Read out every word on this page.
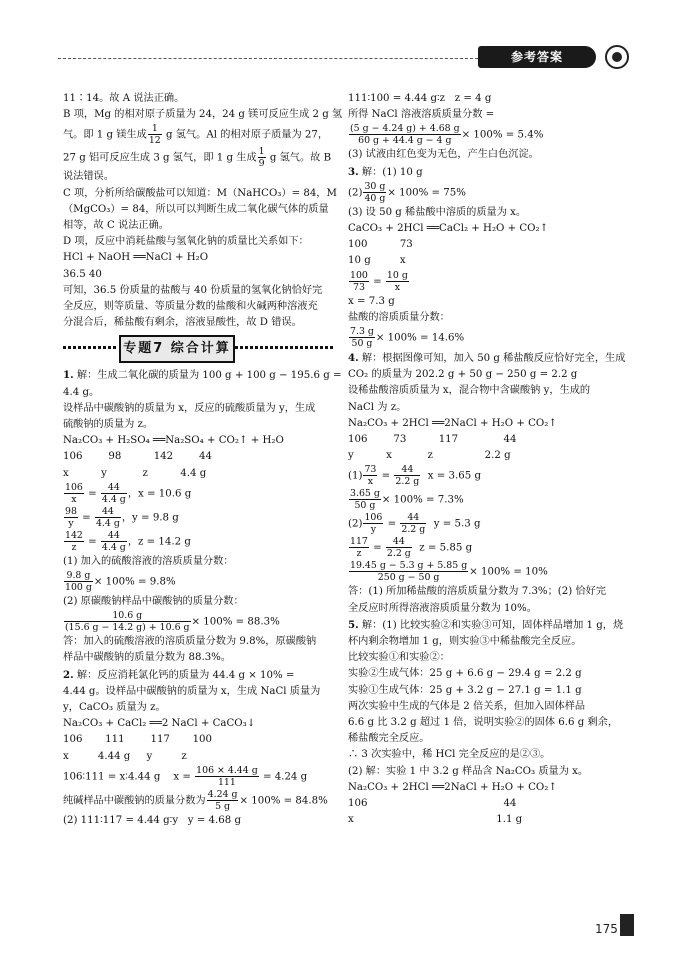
参考答案
11∶14。故 A 说法正确。
B 项，Mg 的相对原子质量为 24，24 g 镁可反应生成 2 g 氢
气。即 1 g 镁生成 $\frac{1}{12}$ g 氢气。Al 的相对原子质量为 27，
27 g 铝可反应生成 3 g 氢气，即 1 g 生成 $\frac{1}{9}$ g 氢气。故 B
说法错误。
C 项，分析所给碳酸盐可以知道：M（NaHCO₃）= 84，M
（MgCO₃）= 84，所以可以判断生成二氧化碳气体的质量
相等，故 C 说法正确。
D 项，反应中消耗盐酸与氢氧化钠的质量比关系如下：
HCl + NaOH ══NaCl + H₂O
36.5 40
可知，36.5 份质量的盐酸与 40 份质量的氢氧化钠恰好完
全反应，则等质量、等质量分数的盐酸和火碱两种溶液充
分混合后，稀盐酸有剩余，溶液显酸性，故 D 错误。
专题7 综合计算
1. 解：生成二氧化碳的质量为 100 g + 100 g − 195.6 g =
4.4 g。
设样品中碳酸钠的质量为 x，反应的硫酸质量为 y，生成
硫酸钠的质量为 z。
Na₂CO₃ + H₂SO₄ ══Na₂SO₄ + CO₂↑ + H₂O
106        98          142        44
x          y           z          4.4 g
$\frac{106}{x} = \frac{44}{4.4 g}$ ，x = 10.6 g
$\frac{98}{y} = \frac{44}{4.4 g}$ ，y = 9.8 g
$\frac{142}{z} = \frac{44}{4.4 g}$ ，z = 14.2 g
(1) 加入的硫酸溶液的溶质质量分数：
$\frac{9.8 g}{100 g} \times 100\% = 9.8\%$
(2) 原碳酸钠样品中碳酸钠的质量分数：
$\frac{10.6 g}{(15.6 g - 14.2 g) + 10.6 g} \times 100\% = 88.3\%$
答：加入的硫酸溶液的溶质质量分数为 9.8%，原碳酸钠
样品中碳酸钠的质量分数为 88.3%。
2. 解：反应消耗氯化钙的质量为 44.4 g × 10% =
4.44 g。设样品中碳酸钠的质量为 x，生成 NaCl 质量为
y，CaCO₃ 质量为 z。
Na₂CO₃ + CaCl₂ ══2 NaCl + CaCO₃↓
106       111        117       100
x         4.44 g     y         z
106∶111 = x∶4.44 g $x = \frac{106 \times 4.44 g}{111} = 4.24$ g
纯碱样品中碳酸钠的质量分数为 $\frac{4.24 g}{5 g} \times 100\% = 84.8\%$
(2) 111∶117 = 4.44 g∶y   y = 4.68 g
111∶100 = 4.44 g∶z   z = 4 g
所得 NaCl 溶液溶质质量分数 =
$\frac{(5 g - 4.24 g) + 4.68 g}{60 g + 44.4 g - 4 g} \times 100\% = 5.4\%$
(3) 试液由红色变为无色，产生白色沉淀。
3. 解：(1) 10 g
$(2) \frac{30 g}{40 g} \times 100\% = 75\%$
(3) 设 50 g 稀盐酸中溶质的质量为 x。
CaCO₃ + 2HCl ══CaCl₂ + H₂O + CO₂↑
100          73
10 g         x
$\frac{100}{73} = \frac{10 g}{x}$
x = 7.3 g
盐酸的溶质质量分数：
$\frac{7.3 g}{50 g} \times 100\% = 14.6\%$
4. 解：根据图像可知，加入 50 g 稀盐酸反应恰好完全，生成
CO₂ 的质量为 202.2 g + 50 g − 250 g = 2.2 g
设稀盐酸溶质质量为 x，混合物中含碳酸钠 y，生成的
NaCl 为 z。
Na₂CO₃ + 2HCl ══2NaCl + H₂O + CO₂↑
106        73          117              44
y          x           z                2.2 g
$(1) \frac{73}{x} = \frac{44}{2.2 g}$ x = 3.65 g
$\frac{3.65 g}{50 g} \times 100\% = 7.3\%$
$(2) \frac{106}{y} = \frac{44}{2.2 g}$ y = 5.3 g
$\frac{117}{z} = \frac{44}{2.2 g}$ z = 5.85 g
$\frac{19.45 g - 5.3 g + 5.85 g}{250 g - 50 g} \times 100\% = 10\%$
答：(1) 所加稀盐酸的溶质质量分数为 7.3%；(2) 恰好完
全反应时所得溶液溶质质量分数为 10%。
5. 解：(1) 比较实验②和实验③可知，固体样品增加 1 g，烧
杯内剩余物增加 1 g，则实验③中稀盐酸完全反应。
比较实验①和实验②：
实验②生成气体：25 g + 6.6 g − 29.4 g = 2.2 g
实验①生成气体：25 g + 3.2 g − 27.1 g = 1.1 g
两次实验中生成的气体是 2 倍关系，但加入固体样品
6.6 g 比 3.2 g 超过 1 倍，说明实验②的固体 6.6 g 剩余，
稀盐酸完全反应。
∴ 3 次实验中，稀 HCl 完全反应的是②③。
(2) 解：实验 1 中 3.2 g 样品含 Na₂CO₃ 质量为 x。
Na₂CO₃ + 2HCl ══2NaCl + H₂O + CO₂↑
106                                          44
x                                            1.1 g
175
